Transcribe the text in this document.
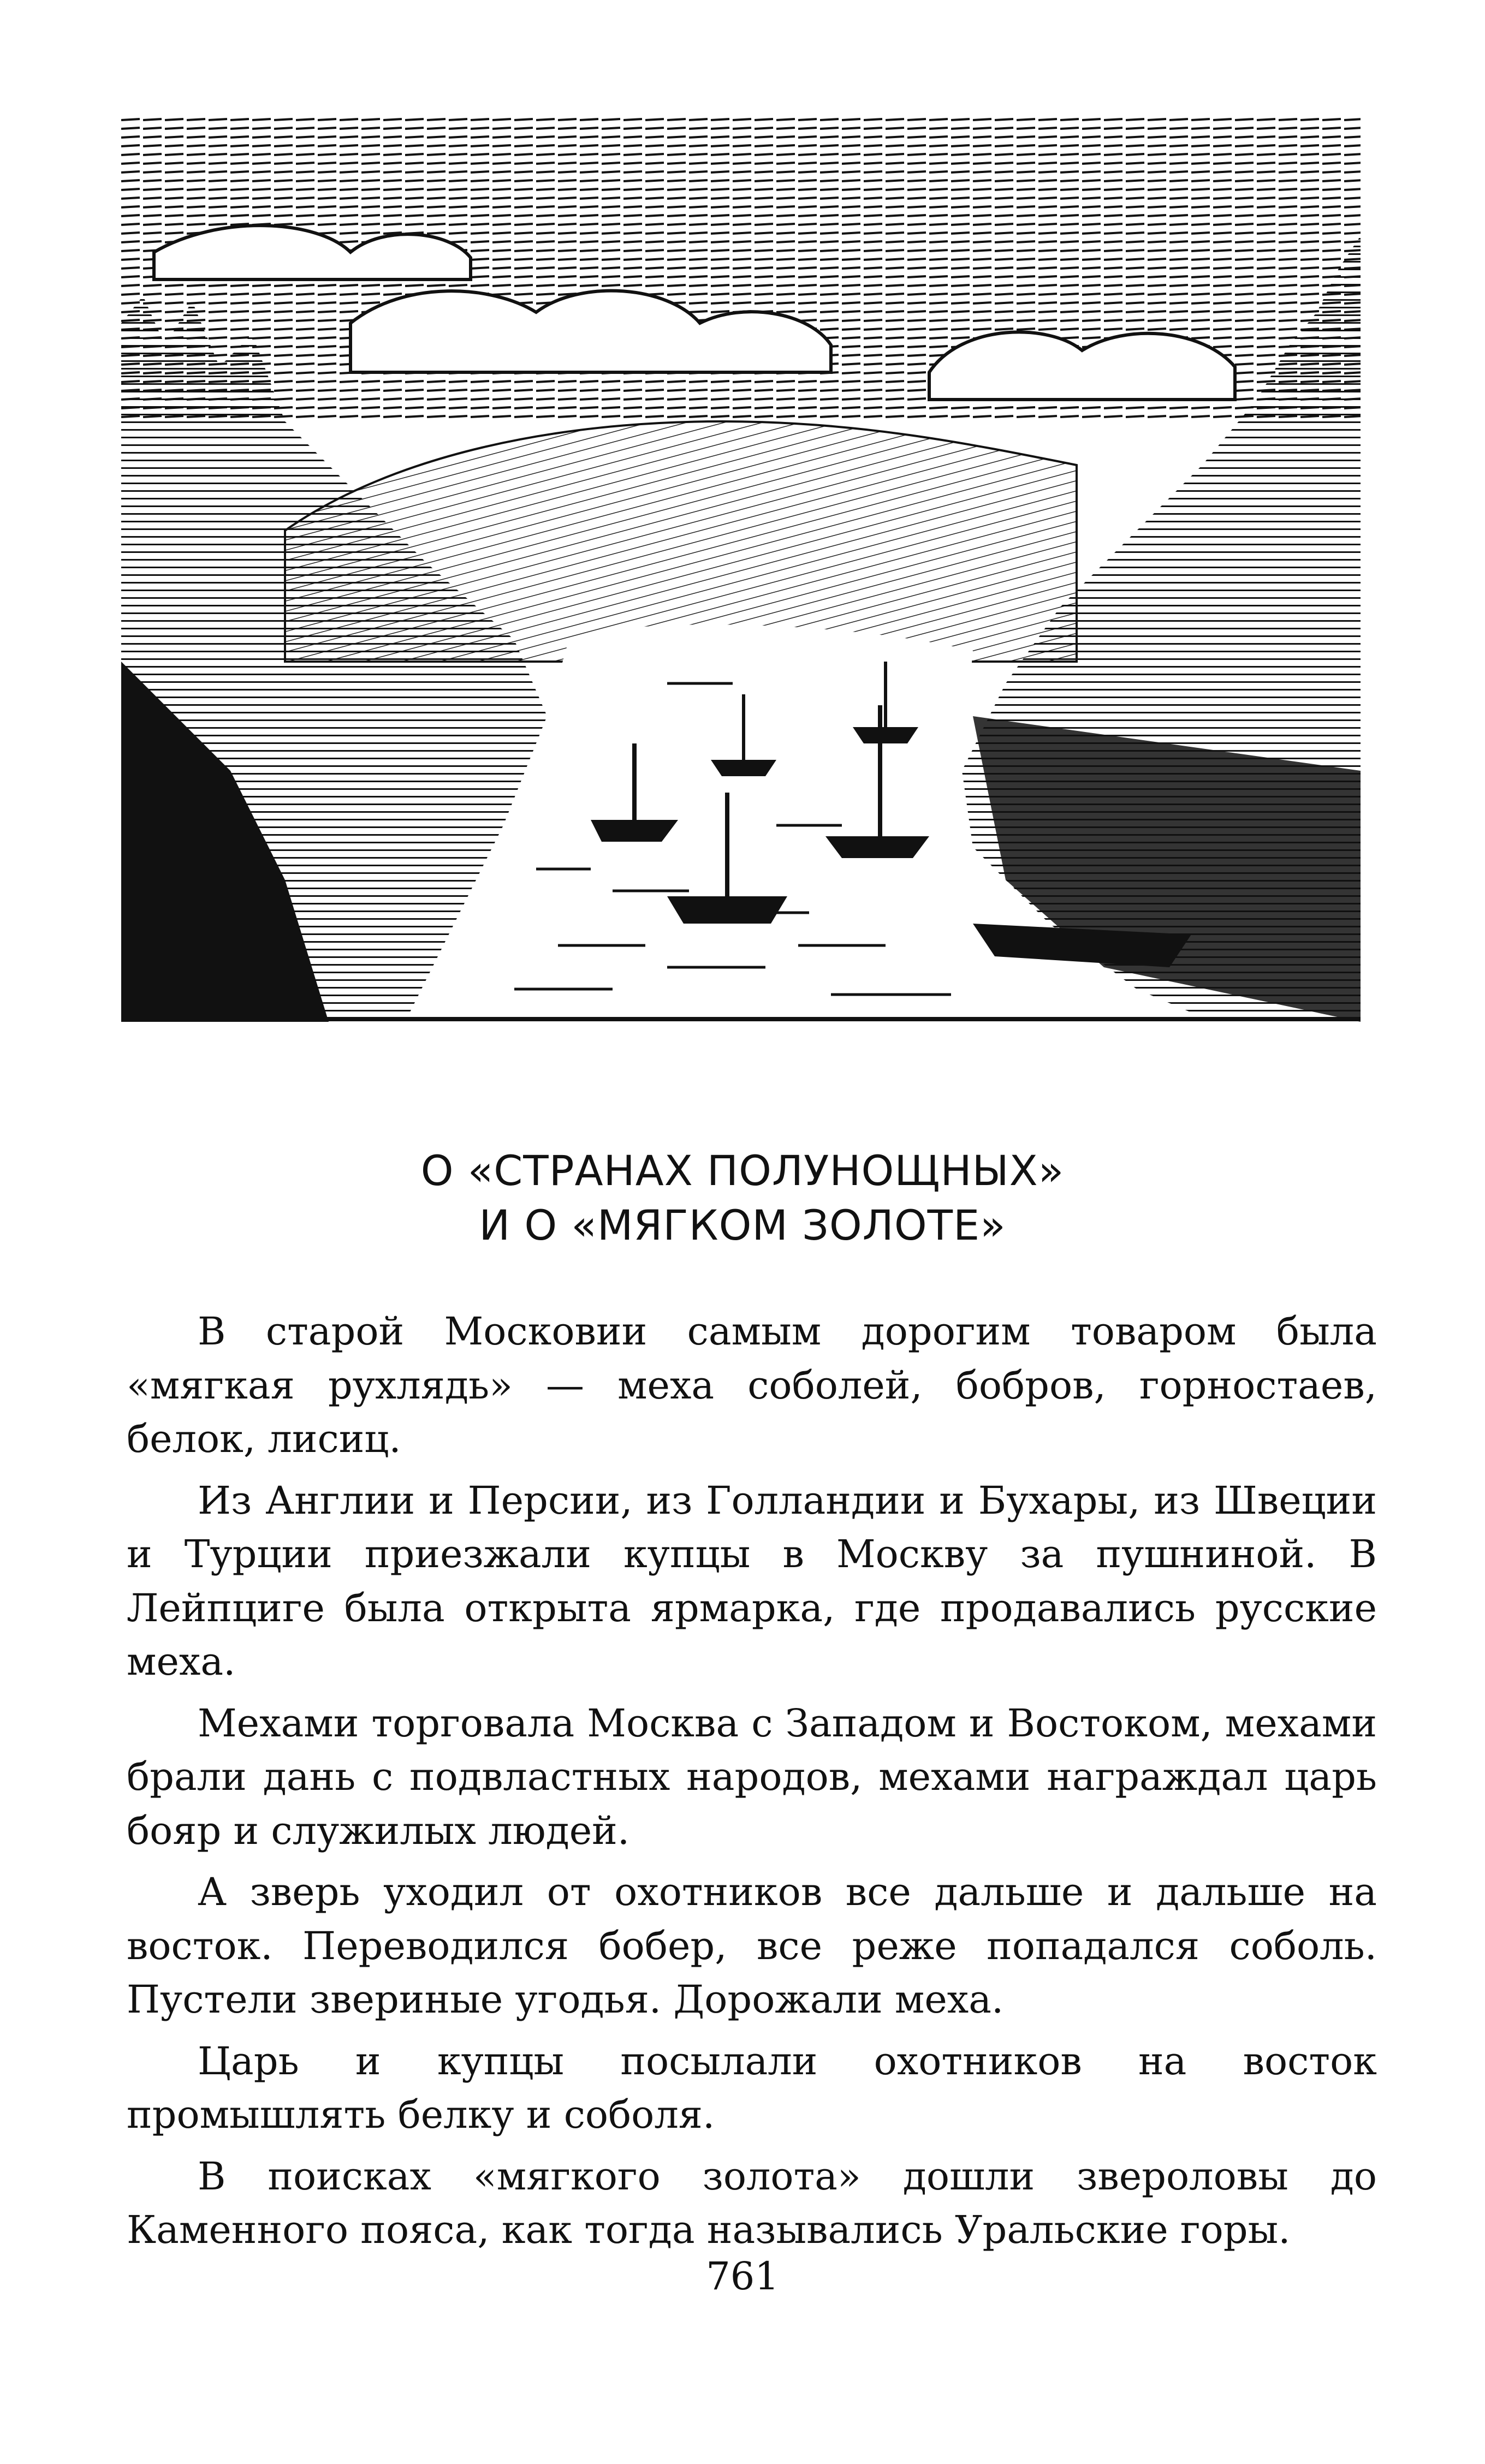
О «СТРАНАХ ПОЛУНОЩНЫХ»
И О «МЯГКОМ ЗОЛОТЕ»

В старой Московии самым дорогим товаром была «мягкая рухлядь» — меха соболей, бобров, горностаев, белок, лисиц.

Из Англии и Персии, из Голландии и Бухары, из Швеции и Турции приезжали купцы в Москву за пушниной. В Лейпциге была открыта ярмарка, где продавались русские меха.

Мехами торговала Москва с Западом и Востоком, мехами брали дань с подвластных народов, мехами награждал царь бояр и служилых людей.

А зверь уходил от охотников все дальше и дальше на восток. Переводился бобер, все реже попадался соболь. Пустели звериные угодья. Дорожали меха.

Царь и купцы посылали охотников на восток промышлять белку и соболя.

В поисках «мягкого золота» дошли звероловы до Каменного пояса, как тогда назывались Уральские горы.

761
